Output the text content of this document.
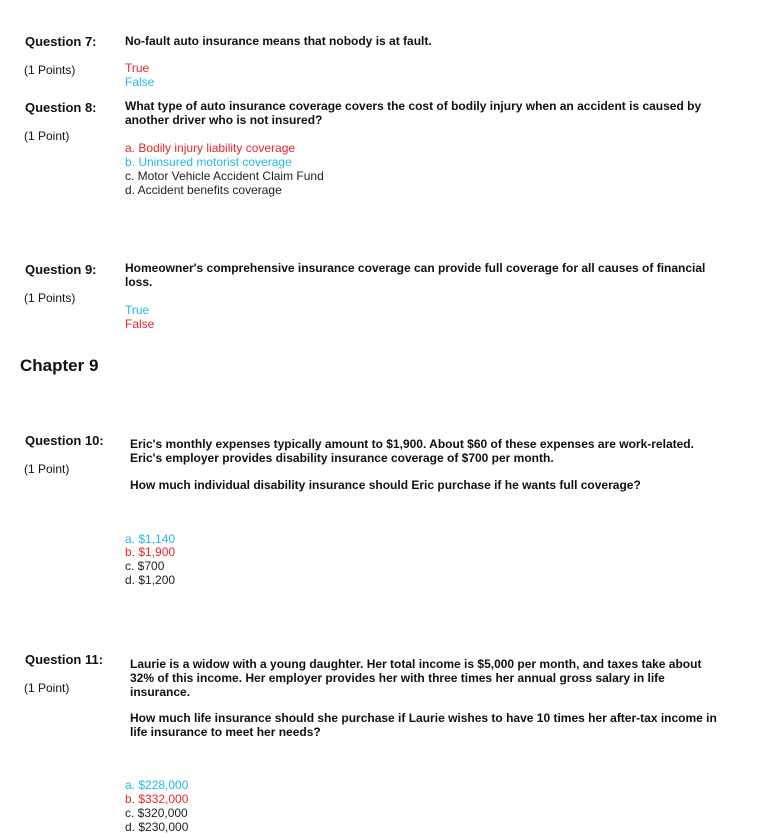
Question 7:
(1 Points)
No-fault auto insurance means that nobody is at fault.
True
False
Question 8:
(1 Point)
What type of auto insurance coverage covers the cost of bodily injury when an accident is caused by another driver who is not insured?
a. Bodily injury liability coverage
b. Uninsured motorist coverage
c. Motor Vehicle Accident Claim Fund
d. Accident benefits coverage
Question 9:
(1 Points)
Homeowner's comprehensive insurance coverage can provide full coverage for all causes of financial loss.
True
False
Chapter 9
Question 10:
(1 Point)
Eric's monthly expenses typically amount to $1,900. About $60 of these expenses are work-related. Eric's employer provides disability insurance coverage of $700 per month.
How much individual disability insurance should Eric purchase if he wants full coverage?
a. $1,140
b. $1,900
c. $700
d. $1,200
Question 11:
(1 Point)
Laurie is a widow with a young daughter. Her total income is $5,000 per month, and taxes take about 32% of this income. Her employer provides her with three times her annual gross salary in life insurance.
How much life insurance should she purchase if Laurie wishes to have 10 times her after-tax income in life insurance to meet her needs?
a. $228,000
b. $332,000
c. $320,000
d. $230,000
